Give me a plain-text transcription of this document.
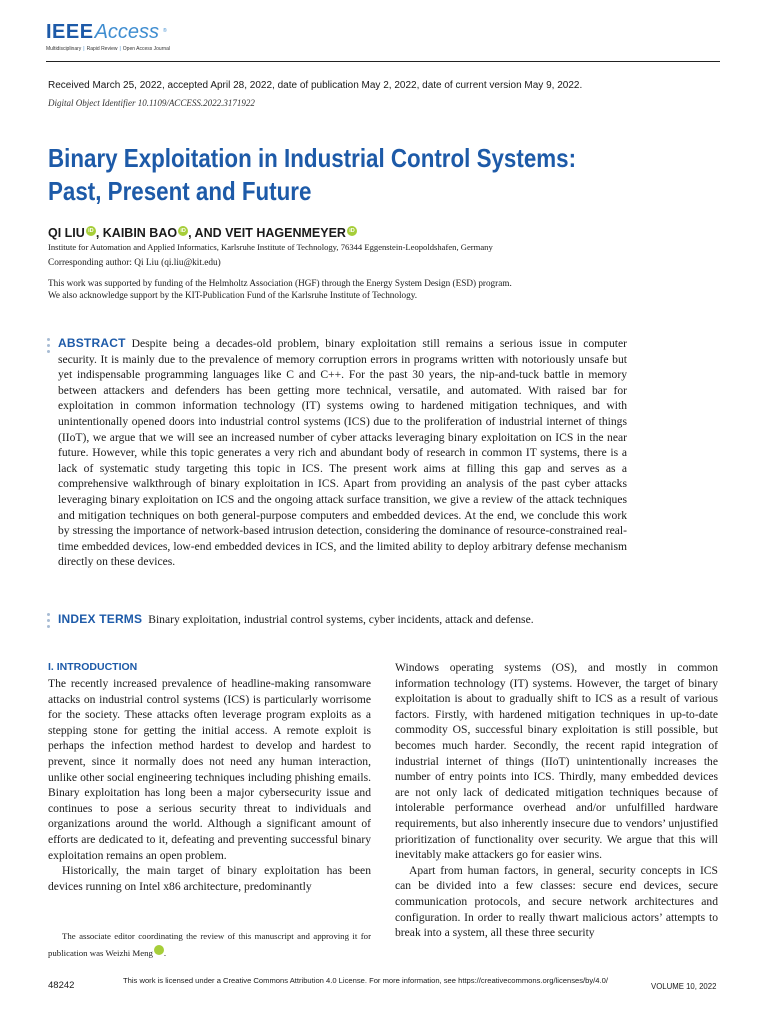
IEEEAccess ®
Multidisciplinary | Rapid Review | Open Access Journal
Received March 25, 2022, accepted April 28, 2022, date of publication May 2, 2022, date of current version May 9, 2022.
Digital Object Identifier 10.1109/ACCESS.2022.3171922
Binary Exploitation in Industrial Control Systems:
Past, Present and Future
QI LIU iD , KAIBIN BAO iD , AND VEIT HAGENMEYER iD
Institute for Automation and Applied Informatics, Karlsruhe Institute of Technology, 76344 Eggenstein-Leopoldshafen, Germany
Corresponding author: Qi Liu (qi.liu@kit.edu)
This work was supported by funding of the Helmholtz Association (HGF) through the Energy System Design (ESD) program.
We also acknowledge support by the KIT-Publication Fund of the Karlsruhe Institute of Technology.
ABSTRACT Despite being a decades-old problem, binary exploitation still remains a serious issue in computer security. It is mainly due to the prevalence of memory corruption errors in programs written with notoriously unsafe but yet indispensable programming languages like C and C++. For the past 30 years, the nip-and-tuck battle in memory between attackers and defenders has been getting more technical, versatile, and automated. With raised bar for exploitation in common information technology (IT) systems owing to hardened mitigation techniques, and with unintentionally opened doors into industrial control systems (ICS) due to the proliferation of industrial internet of things (IIoT), we argue that we will see an increased number of cyber attacks leveraging binary exploitation on ICS in the near future. However, while this topic generates a very rich and abundant body of research in common IT systems, there is a lack of systematic study targeting this topic in ICS. The present work aims at filling this gap and serves as a comprehensive walkthrough of binary exploitation in ICS. Apart from providing an analysis of the past cyber attacks leveraging binary exploitation on ICS and the ongoing attack surface transition, we give a review of the attack techniques and mitigation techniques on both general-purpose computers and embedded devices. At the end, we conclude this work by stressing the importance of network-based intrusion detection, considering the dominance of resource-constrained real-time embedded devices, low-end embedded devices in ICS, and the limited ability to deploy arbitrary defense mechanism directly on these devices.
INDEX TERMS Binary exploitation, industrial control systems, cyber incidents, attack and defense.
I. INTRODUCTION

The recently increased prevalence of headline-making ransomware attacks on industrial control systems (ICS) is particularly worrisome for the society. These attacks often leverage program exploits as a stepping stone for getting the initial access. A remote exploit is perhaps the infection method hardest to develop and hardest to prevent, since it normally does not need any human interaction, unlike other social engineering techniques including phishing emails. Binary exploitation has long been a major cybersecurity issue and continues to pose a serious security threat to individuals and organizations around the world. Although a significant amount of efforts are dedicated to it, defeating and preventing successful binary exploitation remains an open problem.

Historically, the main target of binary exploitation has been devices running on Intel x86 architecture, predominantly

Windows operating systems (OS), and mostly in common information technology (IT) systems. However, the target of binary exploitation is about to gradually shift to ICS as a result of various factors. Firstly, with hardened mitigation techniques in up-to-date commodity OS, successful binary exploitation is still possible, but becomes much harder. Secondly, the recent rapid integration of industrial internet of things (IIoT) unintentionally increases the number of entry points into ICS. Thirdly, many embedded devices are not only lack of dedicated mitigation techniques because of intolerable performance overhead and/or unfulfilled hardware requirements, but also inherently insecure due to vendors’ unjustified prioritization of functionality over security. We argue that this will inevitably make attackers go for easier wins.

Apart from human factors, in general, security concepts in ICS can be divided into a few classes: secure end devices, secure communication protocols, and secure network architectures and configuration. In order to really thwart malicious actors’ attempts to break into a system, all these three security

The associate editor coordinating the review of this manuscript and approving it for publication was Weizhi Meng	iD.

48242	This work is licensed under a Creative Commons Attribution 4.0 License. For more information, see https://creativecommons.org/licenses/by/4.0/
VOLUME 10, 2022
